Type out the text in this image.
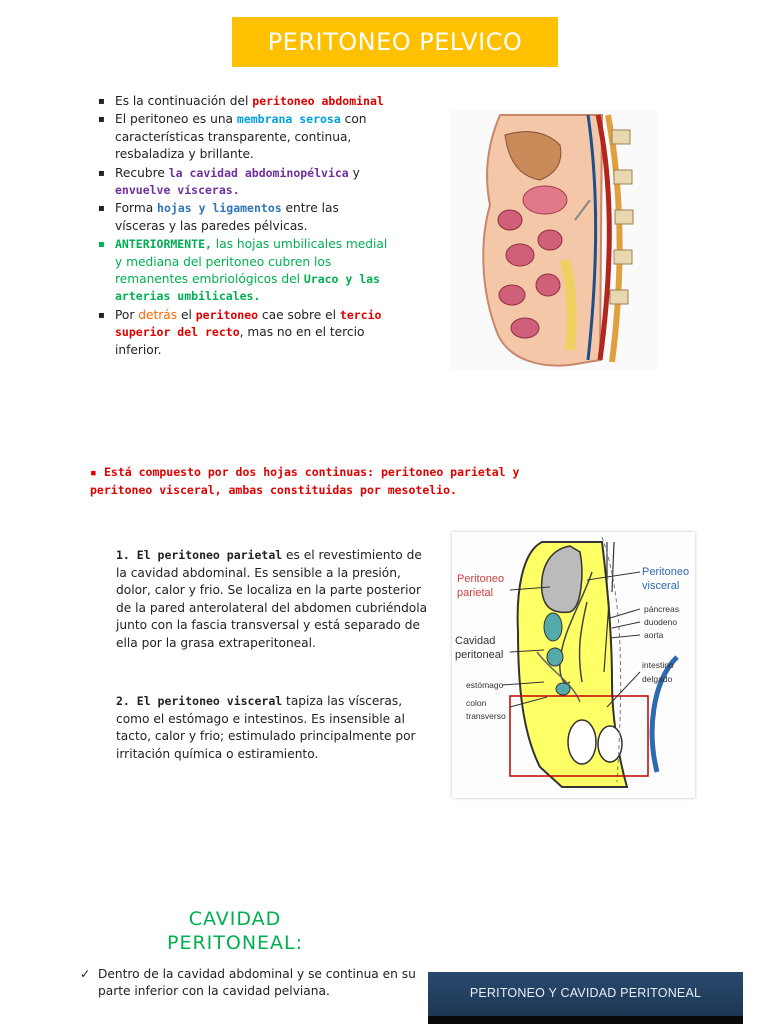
PERITONEO PELVICO
▪ Es la continuación del peritoneo abdominal
▪ El peritoneo es una membrana serosa con características transparente, continua, resbaladiza y brillante.
▪ Recubre la cavidad abdominopélvica y envuelve vísceras.
▪ Forma hojas y ligamentos entre las vísceras y las paredes pélvicas.
▪ ANTERIORMENTE, las hojas umbilicales medial y mediana del peritoneo cubren los remanentes embriológicos del Uraco y las arterias umbilicales.
▪ Por detrás el peritoneo cae sobre el tercio superior del recto, mas no en el tercio inferior.
▪ Está compuesto por dos hojas continuas: peritoneo parietal y peritoneo visceral, ambas constituidas por mesotelio.
1. El peritoneo parietal es el revestimiento de la cavidad abdominal. Es sensible a la presión, dolor, calor y frio. Se localiza en la parte posterior de la pared anterolateral del abdomen cubriéndola junto con la fascia transversal y está separado de ella por la grasa extraperitoneal.
2. El peritoneo visceral tapiza las vísceras, como el estómago e intestinos. Es insensible al tacto, calor y frio; estimulado principalmente por irritación química o estiramiento.
Peritoneo
parietal
Cavidad
peritoneal
estómago
colon
transverso
Peritoneo
visceral
páncreas
duodeno
aorta
intestino
delgado
CAVIDAD
PERITONEAL:
✓ Dentro de la cavidad abdominal y se continua en su parte inferior con la cavidad pelviana.	PERITONEO Y CAVIDAD PERITONEAL
